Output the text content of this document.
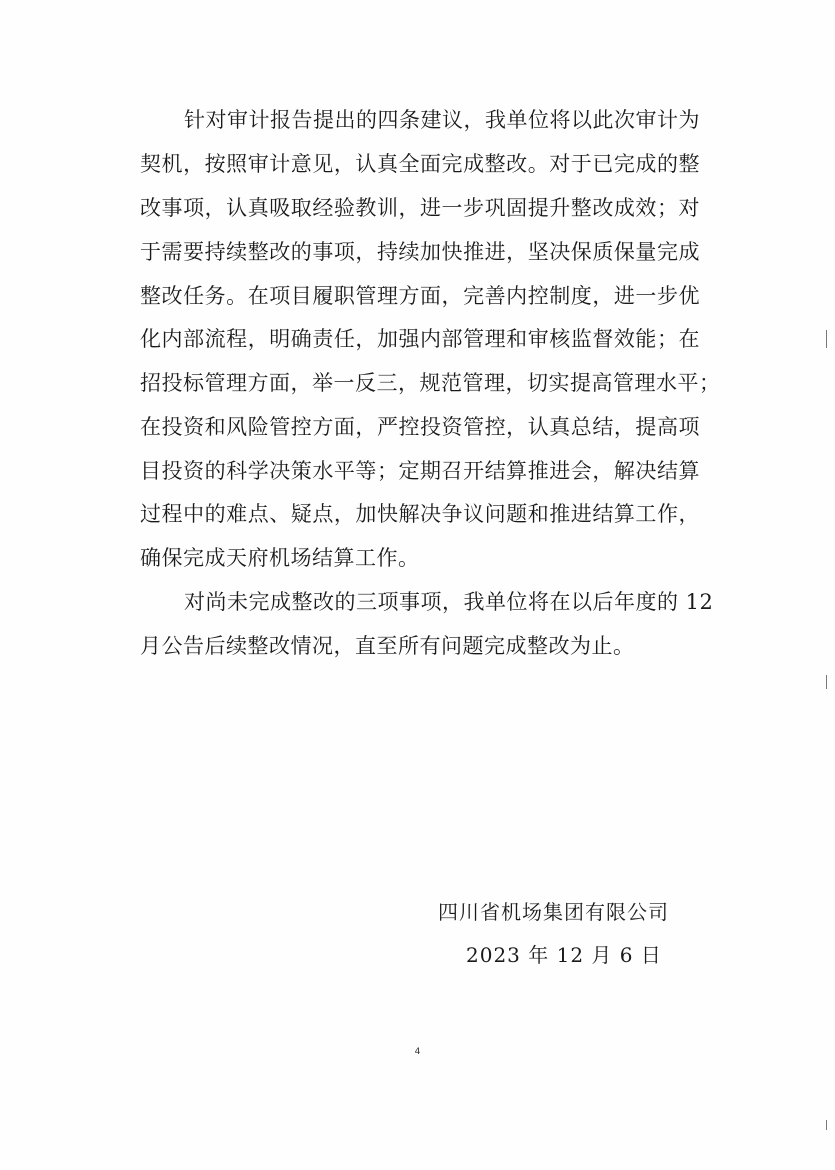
针对审计报告提出的四条建议，我单位将以此次审计为
契机，按照审计意见，认真全面完成整改。对于已完成的整
改事项，认真吸取经验教训，进一步巩固提升整改成效；对
于需要持续整改的事项，持续加快推进，坚决保质保量完成
整改任务。在项目履职管理方面，完善内控制度，进一步优
化内部流程，明确责任，加强内部管理和审核监督效能；在
招投标管理方面，举一反三，规范管理，切实提高管理水平；
在投资和风险管控方面，严控投资管控，认真总结，提高项
目投资的科学决策水平等；定期召开结算推进会，解决结算
过程中的难点、疑点，加快解决争议问题和推进结算工作，
确保完成天府机场结算工作。
对尚未完成整改的三项事项，我单位将在以后年度的 12
月公告后续整改情况，直至所有问题完成整改为止。
四川省机场集团有限公司
2023 年 12 月 6 日
4
